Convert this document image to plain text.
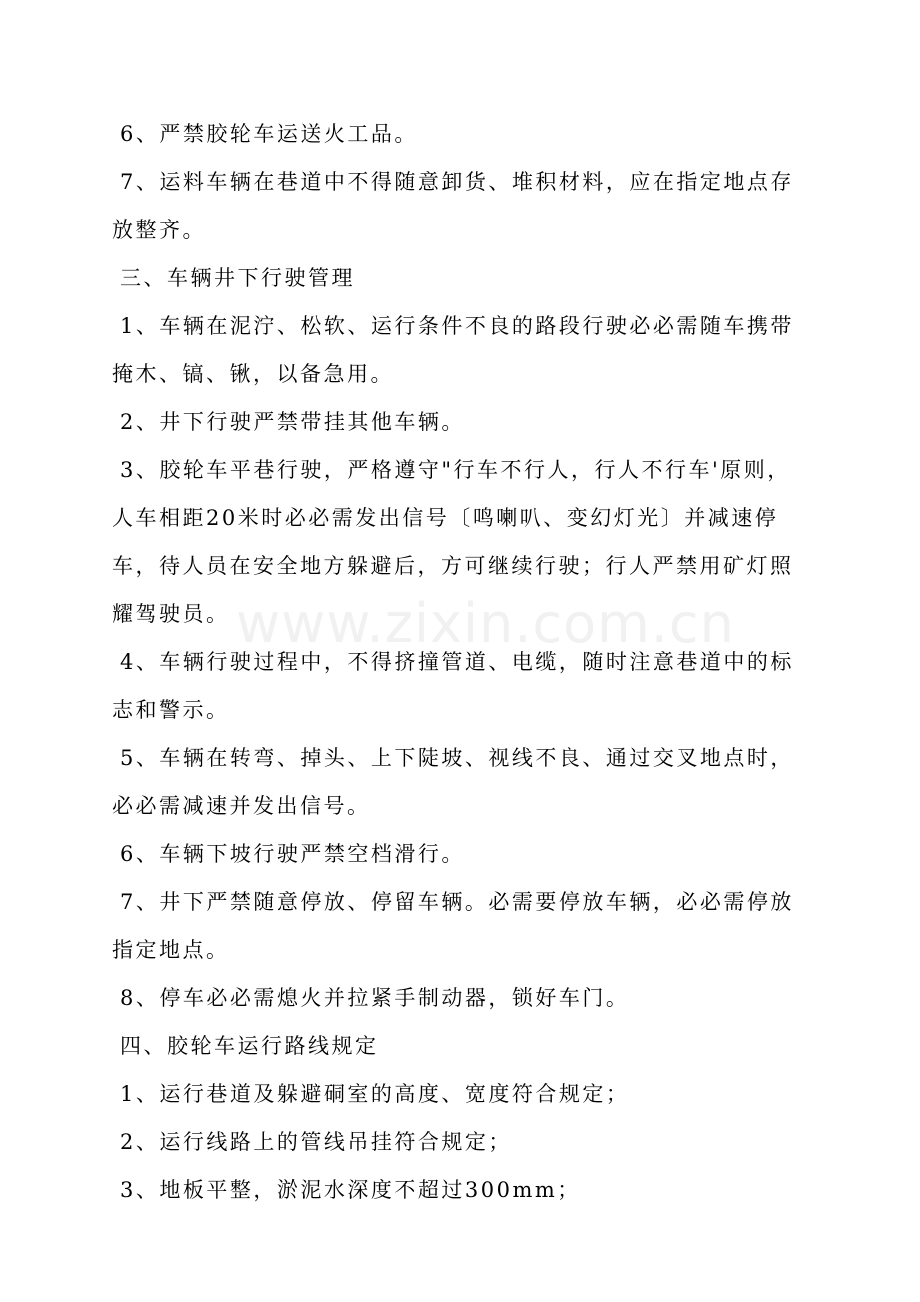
6、严禁胶轮车运送火工品。

7、运料车辆在巷道中不得随意卸货、堆积材料，应在指定地点存放整齐。

三、车辆井下行驶管理

1、车辆在泥泞、松软、运行条件不良的路段行驶必必需随车携带掩木、镐、锹，以备急用。

2、井下行驶严禁带挂其他车辆。

3、胶轮车平巷行驶，严格遵守"行车不行人，行人不行车'原则，人车相距20米时必必需发出信号〔鸣喇叭、变幻灯光〕并减速停车，待人员在安全地方躲避后，方可继续行驶；行人严禁用矿灯照耀驾驶员。

4、车辆行驶过程中，不得挤撞管道、电缆，随时注意巷道中的标志和警示。

5、车辆在转弯、掉头、上下陡坡、视线不良、通过交叉地点时，必必需减速并发出信号。

6、车辆下坡行驶严禁空档滑行。

7、井下严禁随意停放、停留车辆。必需要停放车辆，必必需停放指定地点。

8、停车必必需熄火并拉紧手制动器，锁好车门。

四、胶轮车运行路线规定

1、运行巷道及躲避硐室的高度、宽度符合规定；

2、运行线路上的管线吊挂符合规定；

3、地板平整，淤泥水深度不超过300mm；

www.zixin.com.cn
